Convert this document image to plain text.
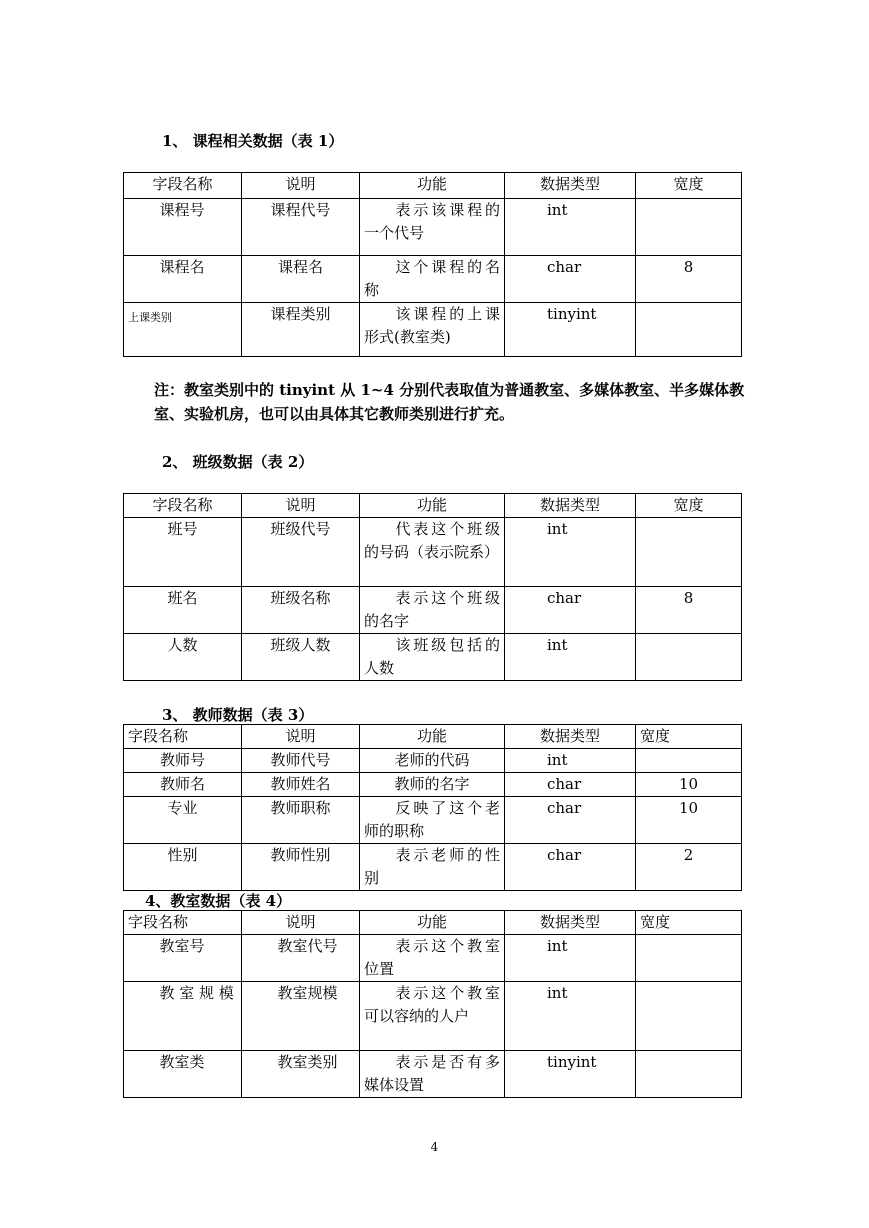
1、 课程相关数据（表 1）
字段名称	说明	功能	数据类型	宽度
课程号	课程代号	表示该课程的一个代号	int	
课程名	课程名	这个课程的名称	char	8
上课类别	课程类别	该课程的上课形式(教室类)	tinyint	
注：教室类别中的 tinyint 从 1~4 分别代表取值为普通教室、多媒体教室、半多媒体教室、实验机房，也可以由具体其它教师类别进行扩充。
2、 班级数据（表 2）
字段名称	说明	功能	数据类型	宽度
班号	班级代号	代表这个班级的号码（表示院系）	int	
班名	班级名称	表示这个班级的名字	char	8
人数	班级人数	该班级包括的人数	int	
3、 教师数据（表 3）
字段名称	说明	功能	数据类型	宽度
教师号	教师代号	老师的代码	int	
教师名	教师姓名	教师的名字	char	10
专业	教师职称	反映了这个老师的职称	char	10
性别	教师性别	表示老师的性别	char	2
4、教室数据（表 4）
字段名称	说明	功能	数据类型	宽度
教室号	教室代号	表示这个教室位置	int	
教 室 规 模	教室规模	表示这个教室可以容纳的人户	int	
教室类	教室类别	表示是否有多媒体设置	tinyint	
4
